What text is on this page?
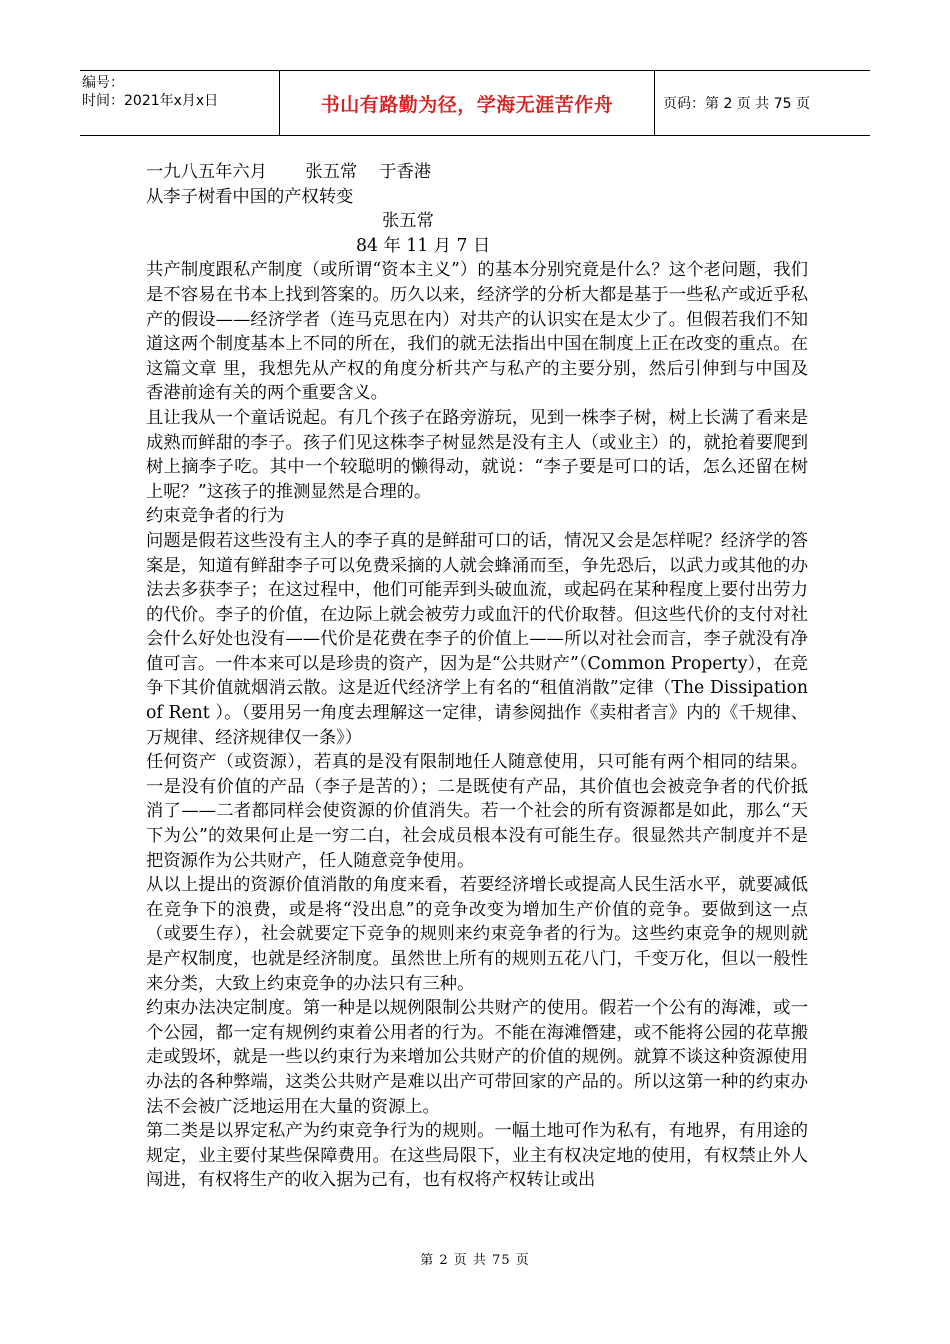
编号：
时间：2021年x月x日	书山有路勤为径，学海无涯苦作舟	页码：第 2 页 共 75 页

一九八五年六月       张五常    于香港

从李子树看中国的产权转变

张五常

84 年 11 月 7 日

共产制度跟私产制度（或所谓“资本主义”）的基本分别究竟是什么？这个老问题，我们是不容易在书本上找到答案的。历久以来，经济学的分析大都是基于一些私产或近乎私产的假设——经济学者（连马克思在内）对共产的认识实在是太少了。但假若我们不知道这两个制度基本上不同的所在，我们的就无法指出中国在制度上正在改变的重点。在这篇文章 里，我想先从产权的角度分析共产与私产的主要分别，然后引伸到与中国及香港前途有关的两个重要含义。

且让我从一个童话说起。有几个孩子在路旁游玩，见到一株李子树，树上长满了看来是成熟而鲜甜的李子。孩子们见这株李子树显然是没有主人（或业主）的，就抢着要爬到树上摘李子吃。其中一个较聪明的懒得动，就说：“李子要是可口的话，怎么还留在树上呢？”这孩子的推测显然是合理的。

约束竞争者的行为

问题是假若这些没有主人的李子真的是鲜甜可口的话，情况又会是怎样呢？经济学的答案是，知道有鲜甜李子可以免费采摘的人就会蜂涌而至，争先恐后，以武力或其他的办法去多获李子；在这过程中，他们可能弄到头破血流，或起码在某种程度上要付出劳力的代价。李子的价值，在边际上就会被劳力或血汗的代价取替。但这些代价的支付对社会什么好处也没有——代价是花费在李子的价值上——所以对社会而言，李子就没有净值可言。一件本来可以是珍贵的资产，因为是“公共财产”（Common Property），在竞争下其价值就烟消云散。这是近代经济学上有名的“租值消散”定律（The Dissipation of Rent ）。（要用另一角度去理解这一定律，请参阅拙作《卖柑者言》内的《千规律、万规律、经济规律仅一条》）

任何资产（或资源），若真的是没有限制地任人随意使用，只可能有两个相同的结果。一是没有价值的产品（李子是苦的）；二是既使有产品，其价值也会被竞争者的代价抵消了——二者都同样会使资源的价值消失。若一个社会的所有资源都是如此，那么“天下为公”的效果何止是一穷二白，社会成员根本没有可能生存。很显然共产制度并不是把资源作为公共财产，任人随意竞争使用。

从以上提出的资源价值消散的角度来看，若要经济增长或提高人民生活水平，就要减低在竞争下的浪费，或是将“没出息”的竞争改变为增加生产价值的竞争。要做到这一点（或要生存），社会就要定下竞争的规则来约束竞争者的行为。这些约束竞争的规则就是产权制度，也就是经济制度。虽然世上所有的规则五花八门，千变万化，但以一般性来分类，大致上约束竞争的办法只有三种。

约束办法决定制度。第一种是以规例限制公共财产的使用。假若一个公有的海滩，或一个公园，都一定有规例约束着公用者的行为。不能在海滩僭建，或不能将公园的花草搬走或毁坏，就是一些以约束行为来增加公共财产的价值的规例。就算不谈这种资源使用办法的各种弊端，这类公共财产是难以出产可带回家的产品的。所以这第一种的约束办法不会被广泛地运用在大量的资源上。

第二类是以界定私产为约束竞争行为的规则。一幅土地可作为私有，有地界，有用途的规定，业主要付某些保障费用。在这些局限下，业主有权决定地的使用，有权禁止外人闯进，有权将生产的收入据为己有，也有权将产权转让或出

第 2 页 共 75 页
